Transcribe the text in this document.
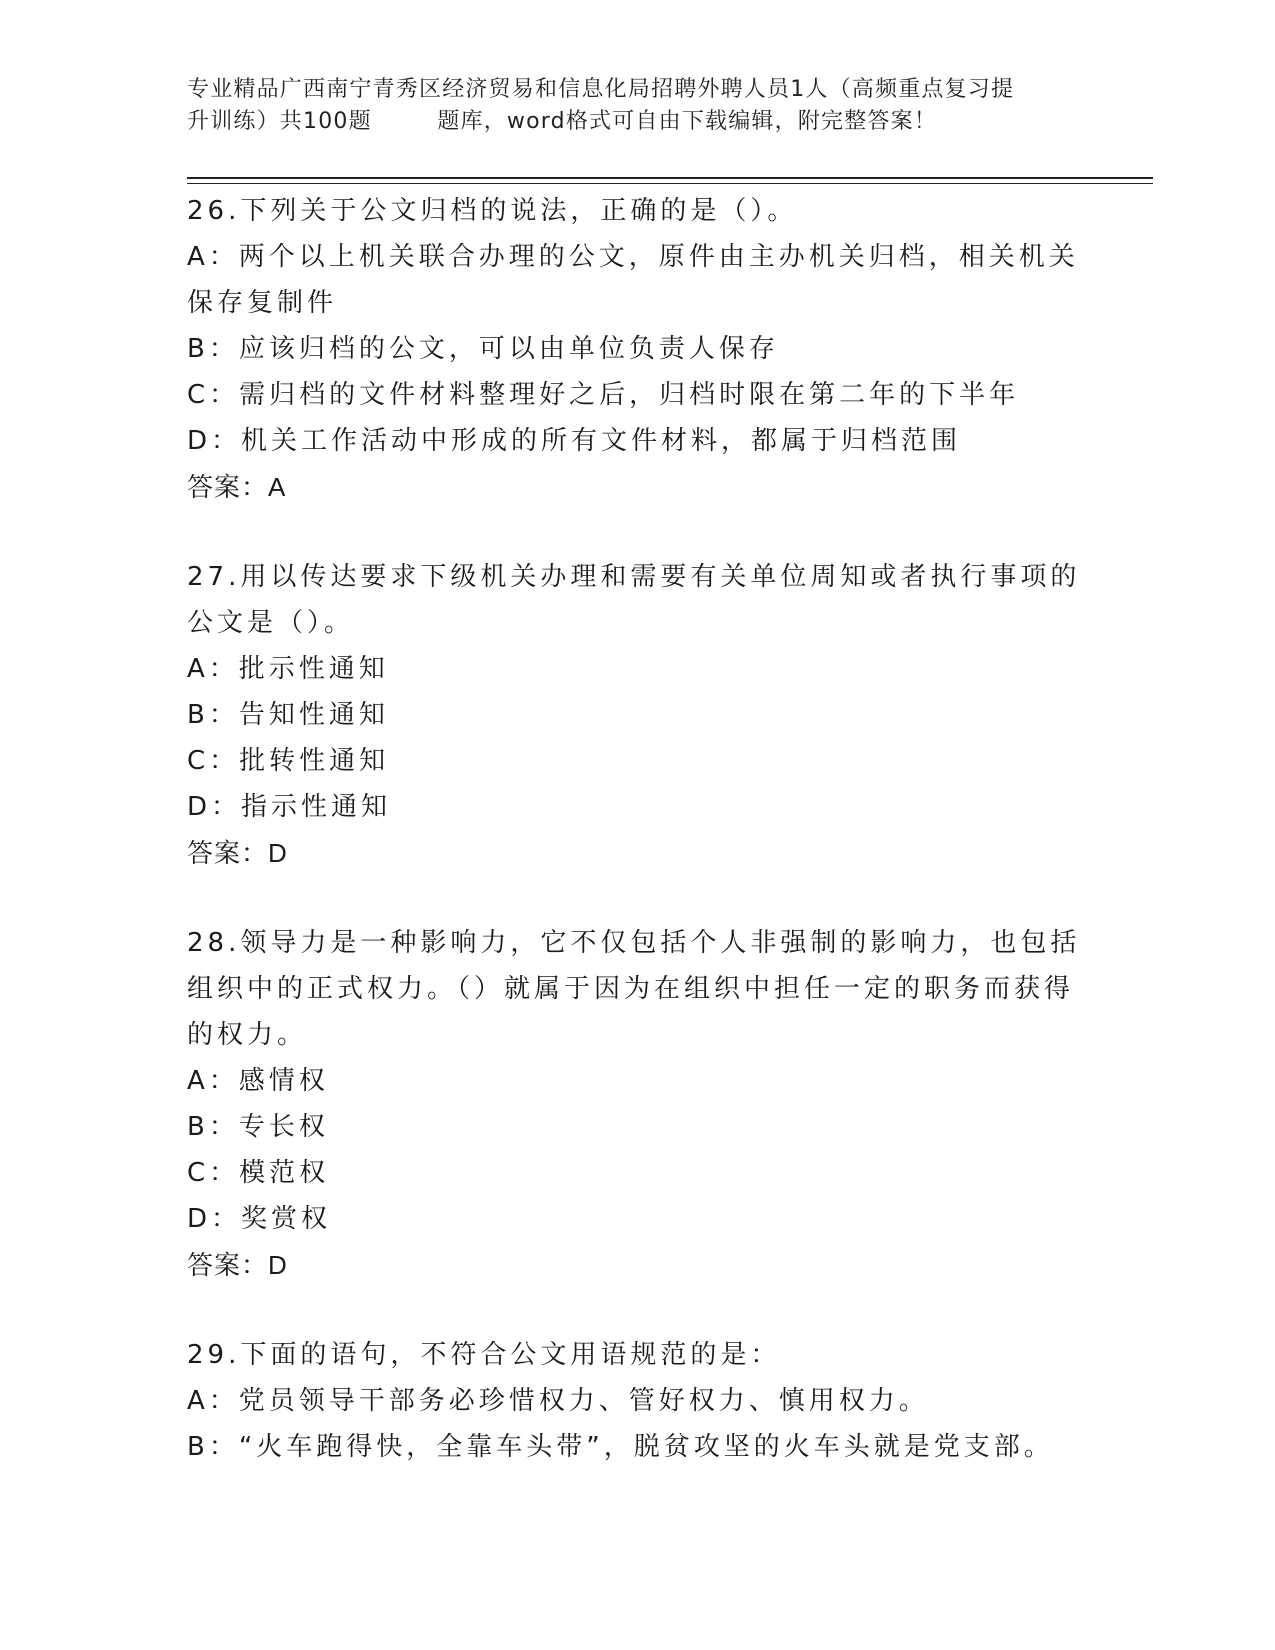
专业精品广西南宁青秀区经济贸易和信息化局招聘外聘人员1人（高频重点复习提
升训练）共100题        题库，word格式可自由下载编辑，附完整答案！

26.下列关于公文归档的说法，正确的是（）。

A：两个以上机关联合办理的公文，原件由主办机关归档，相关机关保存复制件

B：应该归档的公文，可以由单位负责人保存

C：需归档的文件材料整理好之后，归档时限在第二年的下半年

D：机关工作活动中形成的所有文件材料，都属于归档范围

答案：A

27.用以传达要求下级机关办理和需要有关单位周知或者执行事项的公文是（）。

A：批示性通知

B：告知性通知

C：批转性通知

D：指示性通知

答案：D

28.领导力是一种影响力，它不仅包括个人非强制的影响力，也包括组织中的正式权力。（）就属于因为在组织中担任一定的职务而获得的权力。

A：感情权

B：专长权

C：模范权

D：奖赏权

答案：D

29.下面的语句，不符合公文用语规范的是：

A：党员领导干部务必珍惜权力、管好权力、慎用权力。

B：“火车跑得快，全靠车头带”，脱贫攻坚的火车头就是党支部。
